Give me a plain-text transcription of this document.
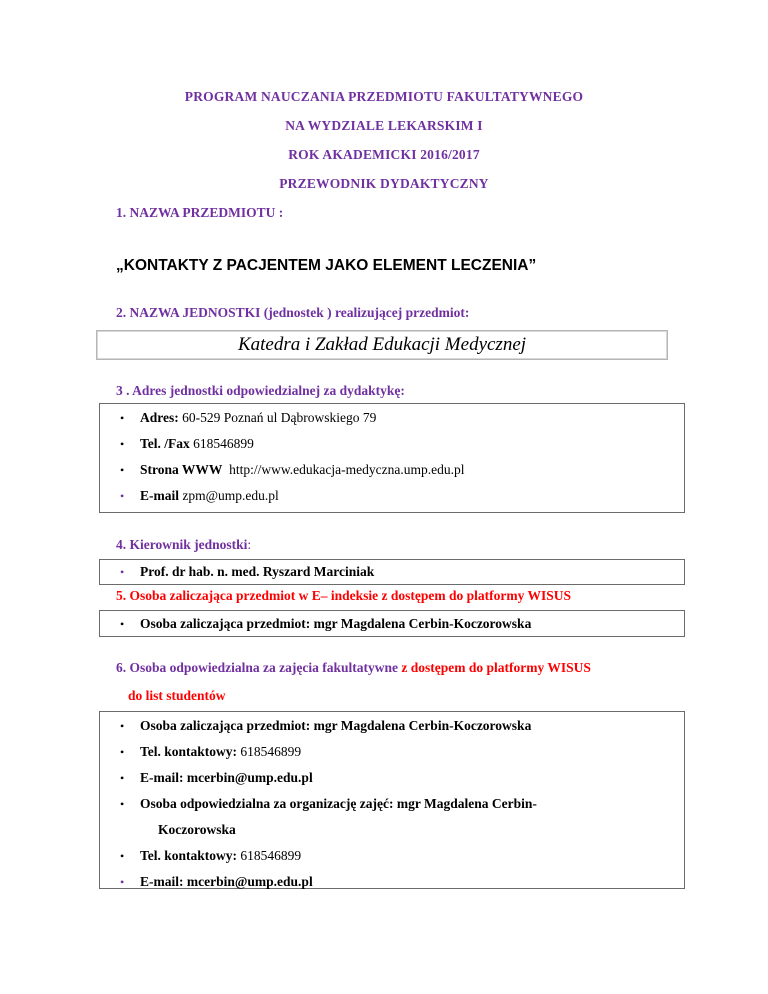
PROGRAM NAUCZANIA PRZEDMIOTU FAKULTATYWNEGO
NA WYDZIALE LEKARSKIM I
ROK AKADEMICKI 2016/2017
PRZEWODNIK DYDAKTYCZNY
1. NAZWA PRZEDMIOTU :
„KONTAKTY Z PACJENTEM JAKO ELEMENT LECZENIA”
2. NAZWA JEDNOSTKI (jednostek ) realizującej przedmiot:
Katedra i Zakład Edukacji Medycznej
3 . Adres jednostki odpowiedzialnej za dydaktykę:
• Adres: 60-529 Poznań ul Dąbrowskiego 79
• Tel. /Fax 618546899
• Strona WWW  http://www.edukacja-medyczna.ump.edu.pl
• E-mail zpm@ump.edu.pl
4. Kierownik jednostki:
• Prof. dr hab. n. med. Ryszard Marciniak
5. Osoba zaliczająca przedmiot w E– indeksie z dostępem do platformy WISUS
• Osoba zaliczająca przedmiot: mgr Magdalena Cerbin-Koczorowska
6. Osoba odpowiedzialna za zajęcia fakultatywne z dostępem do platformy WISUS
do list studentów
• Osoba zaliczająca przedmiot: mgr Magdalena Cerbin-Koczorowska
• Tel. kontaktowy: 618546899
• E-mail: mcerbin@ump.edu.pl
• Osoba odpowiedzialna za organizację zajęć: mgr Magdalena Cerbin-
Koczorowska
• Tel. kontaktowy: 618546899
• E-mail: mcerbin@ump.edu.pl
